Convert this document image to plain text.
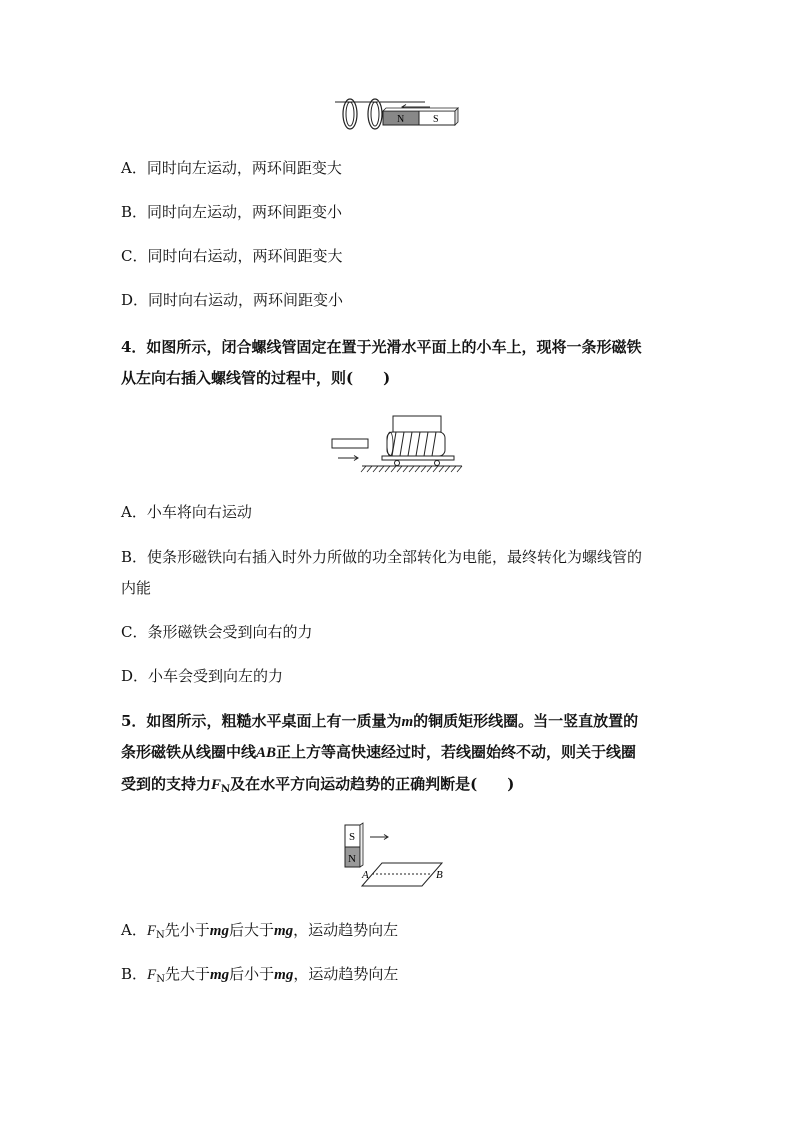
N	S
A．同时向左运动，两环间距变大
B．同时向左运动，两环间距变小
C．同时向右运动，两环间距变大
D．同时向右运动，两环间距变小
4．如图所示，闭合螺线管固定在置于光滑水平面上的小车上，现将一条形磁铁
从左向右插入螺线管的过程中，则(　　)
A．小车将向右运动
B．使条形磁铁向右插入时外力所做的功全部转化为电能，最终转化为螺线管的
内能
C．条形磁铁会受到向右的力
D．小车会受到向左的力
5．如图所示，粗糙水平桌面上有一质量为m的铜质矩形线圈。当一竖直放置的
条形磁铁从线圈中线AB正上方等高快速经过时，若线圈始终不动，则关于线圈
受到的支持力$F_N$及在水平方向运动趋势的正确判断是(　　)
S
N
A	B
A．$F_N$先小于mg后大于mg，运动趋势向左
B．$F_N$先大于mg后小于mg，运动趋势向左
